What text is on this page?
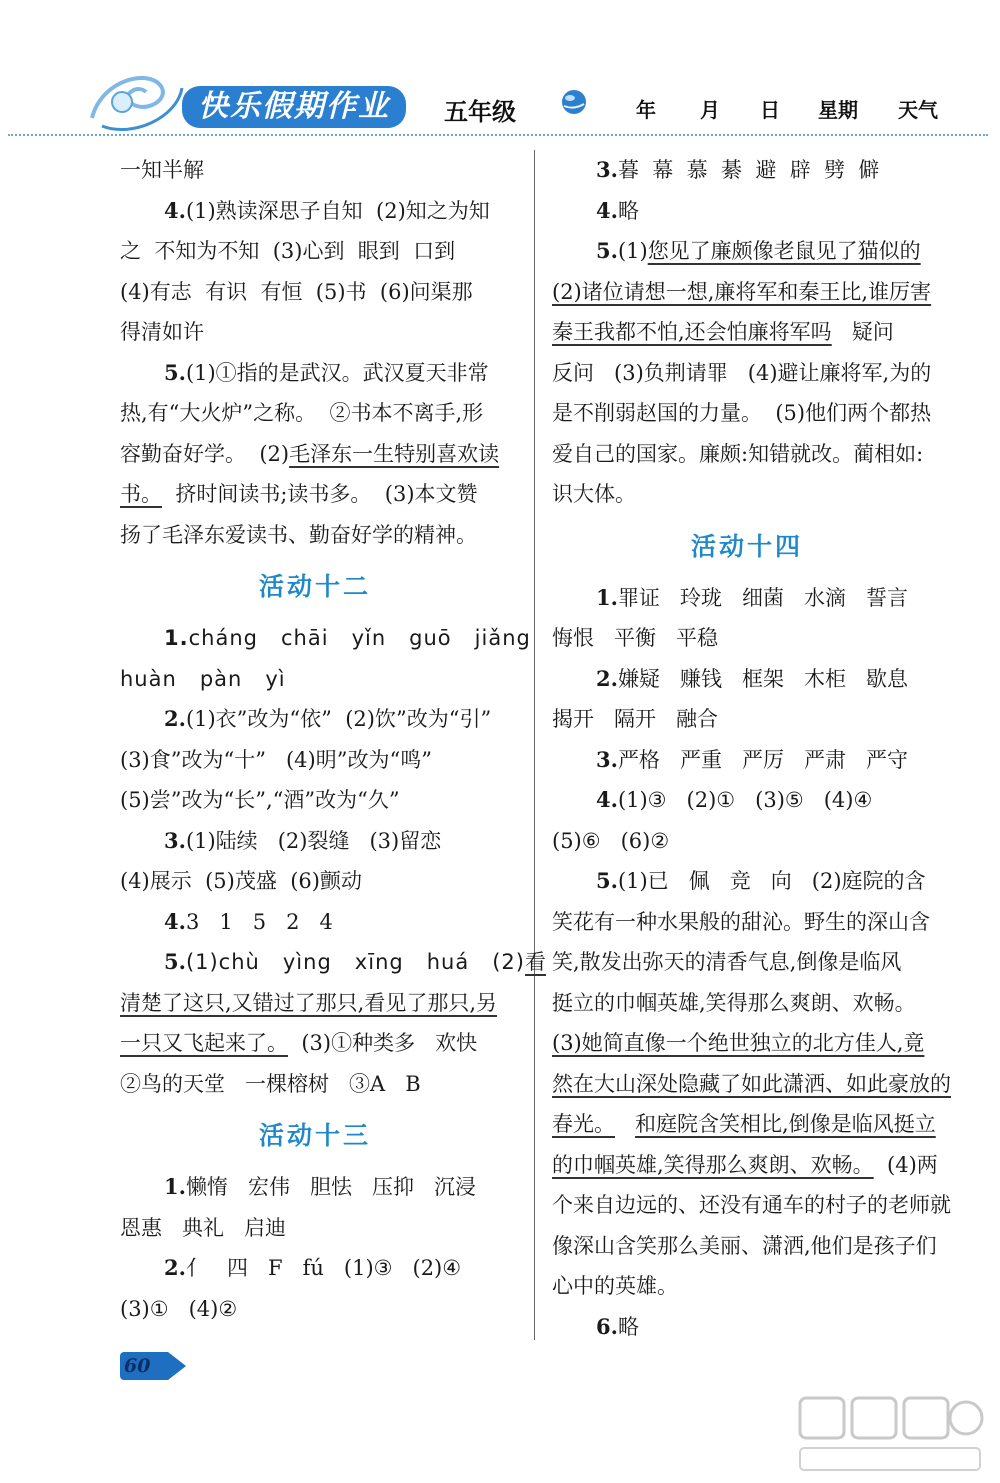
快乐假期作业	五年级	年 月 日 星期 天气
一知半解
4.(1)熟读深思子自知  (2)知之为知
之  不知为不知  (3)心到  眼到  口到
(4)有志  有识  有恒  (5)书  (6)问渠那
得清如许
5.(1)①指的是武汉。武汉夏天非常
热,有“大火炉”之称。  ②书本不离手,形
容勤奋好学。  (2)毛泽东一生特别喜欢读
书。  挤时间读书;读书多。  (3)本文赞
扬了毛泽东爱读书、勤奋好学的精神。
活动十二
1.cháng   chāi   yǐn   guō   jiǎng
huàn   pàn   yì
2.(1)衣”改为“依”  (2)饮”改为“引”
(3)食”改为“十”   (4)明”改为“鸣”
(5)尝”改为“长”,“酒”改为“久”
3.(1)陆续   (2)裂缝   (3)留恋
(4)展示  (5)茂盛  (6)颤动
4.3   1   5   2   4
5.(1)chù   yìng   xīng   huá   (2)看
清楚了这只,又错过了那只,看见了那只,另
一只又飞起来了。  (3)①种类多   欢快
②鸟的天堂   一棵榕树   ③A   B
活动十三
1.懒惰   宏伟   胆怯   压抑   沉浸
恩惠   典礼   启迪
2.亻   四   F   fú   (1)③   (2)④
(3)①   (4)②
3.暮  幕  慕  綦  避  辟  劈  僻
4.略
5.(1)您见了廉颇像老鼠见了猫似的
(2)诸位请想一想,廉将军和秦王比,谁厉害
秦王我都不怕,还会怕廉将军吗   疑问
反问   (3)负荆请罪   (4)避让廉将军,为的
是不削弱赵国的力量。  (5)他们两个都热
爱自己的国家。廉颇:知错就改。蔺相如:
识大体。
活动十四
1.罪证   玲珑   细菌   水滴   誓言
悔恨   平衡   平稳
2.嫌疑   赚钱   框架   木柜   歇息
揭开   隔开   融合
3.严格   严重   严厉   严肃   严守
4.(1)③   (2)①   (3)⑤   (4)④
(5)⑥   (6)②
5.(1)已   佩   竞   向   (2)庭院的含
笑花有一种水果般的甜沁。野生的深山含
笑,散发出弥天的清香气息,倒像是临风
挺立的巾帼英雄,笑得那么爽朗、欢畅。
(3)她简直像一个绝世独立的北方佳人,竟
然在大山深处隐藏了如此潇洒、如此豪放的
春光。 和庭院含笑相比,倒像是临风挺立
的巾帼英雄,笑得那么爽朗、欢畅。  (4)两
个来自边远的、还没有通车的村子的老师就
像深山含笑那么美丽、潇洒,他们是孩子们
心中的英雄。
6.略
60
